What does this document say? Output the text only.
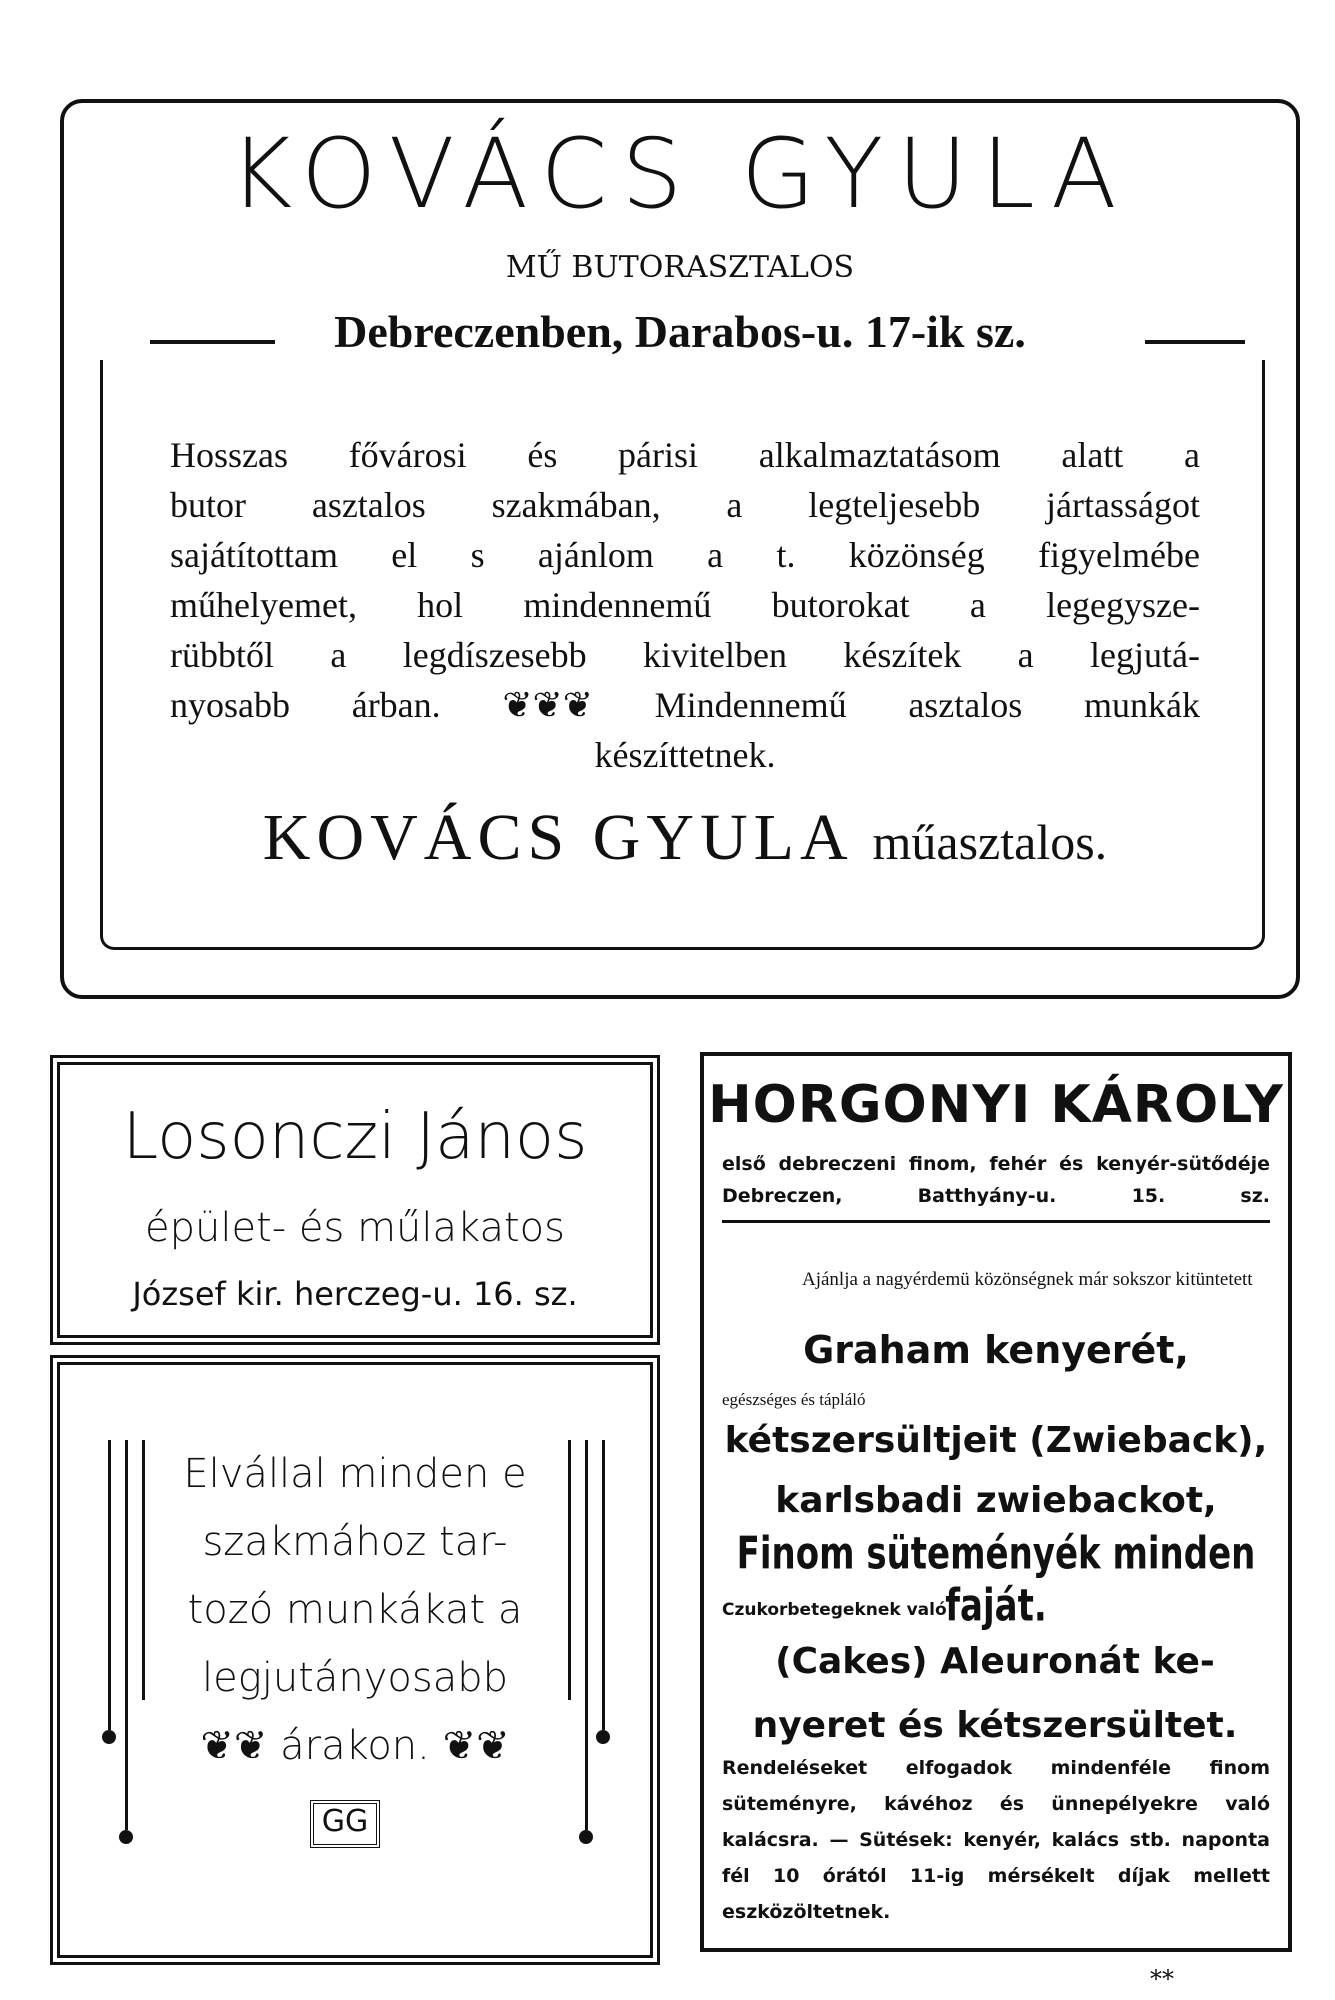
KOVÁCS GYULA
MŰ BUTORASZTALOS
Debreczenben, Darabos-u. 17-ik sz.

Hosszas fővárosi és párisi alkalmaztatásom alatt a

butor asztalos szakmában, a legteljesebb jártasságot

sajátítottam el s ajánlom a t. közönség figyelmébe

műhelyemet, hol mindennemű butorokat a legegysze-

rübbtől a legdíszesebb kivitelben készítek a legjutá-

nyosabb árban. ❦❦❦ Mindennemű asztalos munkák

készíttetnek.

KOVÁCS GYULA műasztalos.
Losonczi János
épület- és műlakatos
József kir. herczeg-u. 16. sz.
Elvállal minden e
szakmához tar-
tozó munkákat a
legjutányosabb
❦❦ árakon. ❦❦
GG
HORGONYI KÁROLY
első debreczeni finom, fehér és kenyér-sütődéje Debreczen, Batthyány-u. 15. sz.
Ajánlja a nagyérdemü közönségnek már sokszor kitüntetett
Graham kenyerét,
egészséges és tápláló
kétszersültjeit (Zwieback),
karlsbadi zwiebackot,
Finom süteményék minden faját.
Czukorbetegeknek való
(Cakes) Aleuronát ke-nyeret és kétszersültet.
Rendeléseket elfogadok mindenféle finom süteményre, kávéhoz és ünnepélyekre való kalácsra. — Sütések: kenyér, kalács stb. naponta fél 10 órától 11-ig mérsékelt díjak mellett eszközöltetnek.
**
